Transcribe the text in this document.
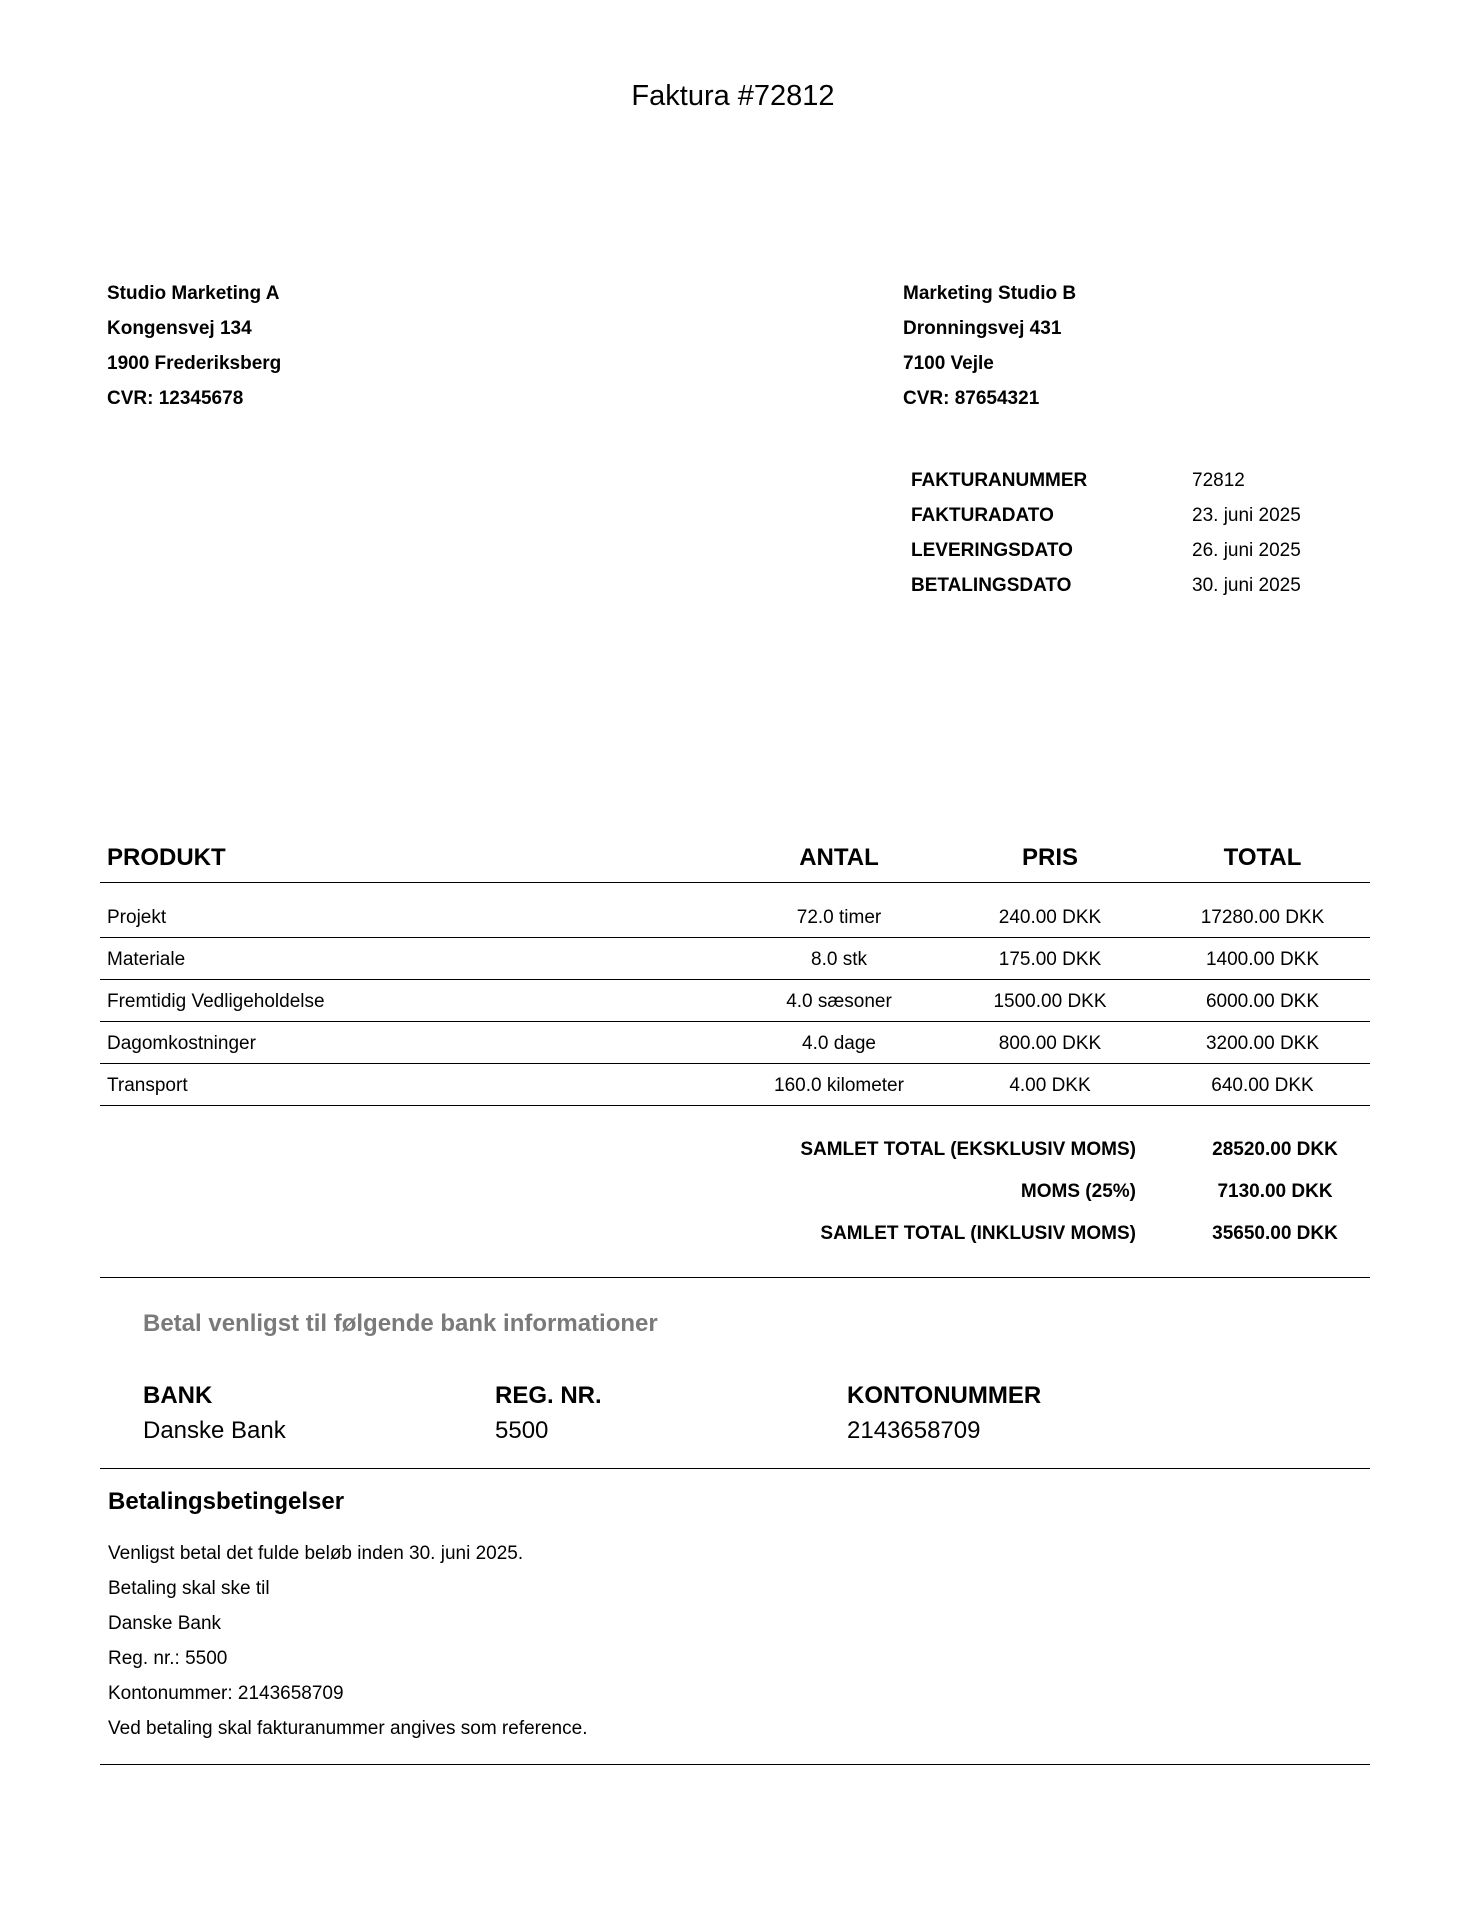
Faktura #72812
Studio Marketing A
Kongensvej 134
1900 Frederiksberg
CVR: 12345678
Marketing Studio B
Dronningsvej 431
7100 Vejle
CVR: 87654321
FAKTURANUMMER	72812
FAKTURADATO	23. juni 2025
LEVERINGSDATO	26. juni 2025
BETALINGSDATO	30. juni 2025
PRODUKT	ANTAL	PRIS	TOTAL
Projekt	72.0 timer	240.00 DKK	17280.00 DKK
Materiale	8.0 stk	175.00 DKK	1400.00 DKK
Fremtidig Vedligeholdelse	4.0 sæsoner	1500.00 DKK	6000.00 DKK
Dagomkostninger	4.0 dage	800.00 DKK	3200.00 DKK
Transport	160.0 kilometer	4.00 DKK	640.00 DKK
SAMLET TOTAL (EKSKLUSIV MOMS)	28520.00 DKK
MOMS (25%)	7130.00 DKK
SAMLET TOTAL (INKLUSIV MOMS)	35650.00 DKK
Betal venligst til følgende bank informationer
BANK
Danske Bank
REG. NR.
5500
KONTONUMMER
2143658709
Betalingsbetingelser
Venligst betal det fulde beløb inden 30. juni 2025.
Betaling skal ske til
Danske Bank
Reg. nr.: 5500
Kontonummer: 2143658709
Ved betaling skal fakturanummer angives som reference.
